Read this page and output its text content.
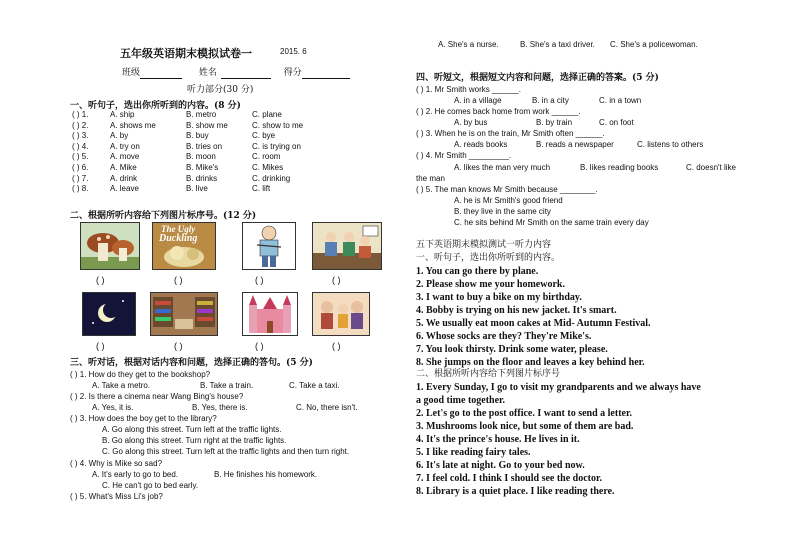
五年级英语期末模拟试卷一	2015. 6
班级	姓名	得分
听力部分(30 分)
一、听句子，选出你所听到的内容。(8 分)
( ) 1.	A. ship	B. metro	C. plane
( ) 2.	A. shows me	B. show me	C. show to me
( ) 3.	A. by	B. buy	C. bye
( ) 4.	A. try on	B. tries on	C. is trying on
( ) 5.	A. move	B. moon	C. room
( ) 6.	A. Mike	B. Mike's	C. Mikes
( ) 7.	A. drink	B. drinks	C. drinking
( ) 8.	A. leave	B. live	C. lift
二、根据所听内容给下列图片标序号。(12 分)
The Ugly
Duckling
( )	( )	( )	( )
( )	( )	( )	( )
三、听对话，根据对话内容和问题，选择正确的答句。(5 分)
( ) 1. How do they get to the bookshop?
A. Take a metro.	B. Take a train.	C. Take a taxi.
( ) 2. Is there a cinema near Wang Bing's house?
A. Yes, it is.	B. Yes, there is.	C. No, there isn't.
( ) 3. How does the boy get to the library?
A. Go along this street. Turn left at the traffic lights.
B. Go along this street. Turn right at the traffic lights.
C. Go along this street. Turn left at the traffic lights and then turn right.
( ) 4. Why is Mike so sad?
A. It's early to go to bed.	B. He finishes his homework.
C. He can't go to bed early.
( ) 5. What's Miss Li's job?
A. She's a nurse.	B. She's a taxi driver. C. She's a policewoman.
四、听短文，根据短文内容和问题，选择正确的答案。(5 分)
( ) 1. Mr Smith works ______.
A. in a village	B. in a city	C. in a town
( ) 2. He comes back home from work ______.
A. by bus	B. by train	C. on foot
( ) 3. When he is on the train, Mr Smith often ______.
A. reads books	B. reads a newspaper	C. listens to others
( ) 4. Mr Smith _________.
A. likes the man very much	B. likes reading books	C. doesn't like
the man
( ) 5. The man knows Mr Smith because ________.
A. he is Mr Smith's good friend
B. they live in the same city
C. he sits behind Mr Smith on the same train every day
五下英语期末模拟测试一听力内容
一、听句子，选出你所听到的内容。
1. You can go there by plane.
2. Please show me your homework.
3. I want to buy a bike on my birthday.
4. Bobby is trying on his new jacket. It's smart.
5. We usually eat moon cakes at Mid- Autumn Festival.
6. Whose socks are they? They're Mike's.
7. You look thirsty. Drink some water, please.
8. She jumps on the floor and leaves a key behind her.
二、根据所听内容给下列图片标序号
1. Every Sunday, I go to visit my grandparents and we always have
a good time together.
2. Let's go to the post office. I want to send a letter.
3. Mushrooms look nice, but some of them are bad.
4. It's the prince's house. He lives in it.
5. I like reading fairy tales.
6. It's late at night. Go to your bed now.
7. I feel cold. I think I should see the doctor.
8. Library is a quiet place. I like reading there.
